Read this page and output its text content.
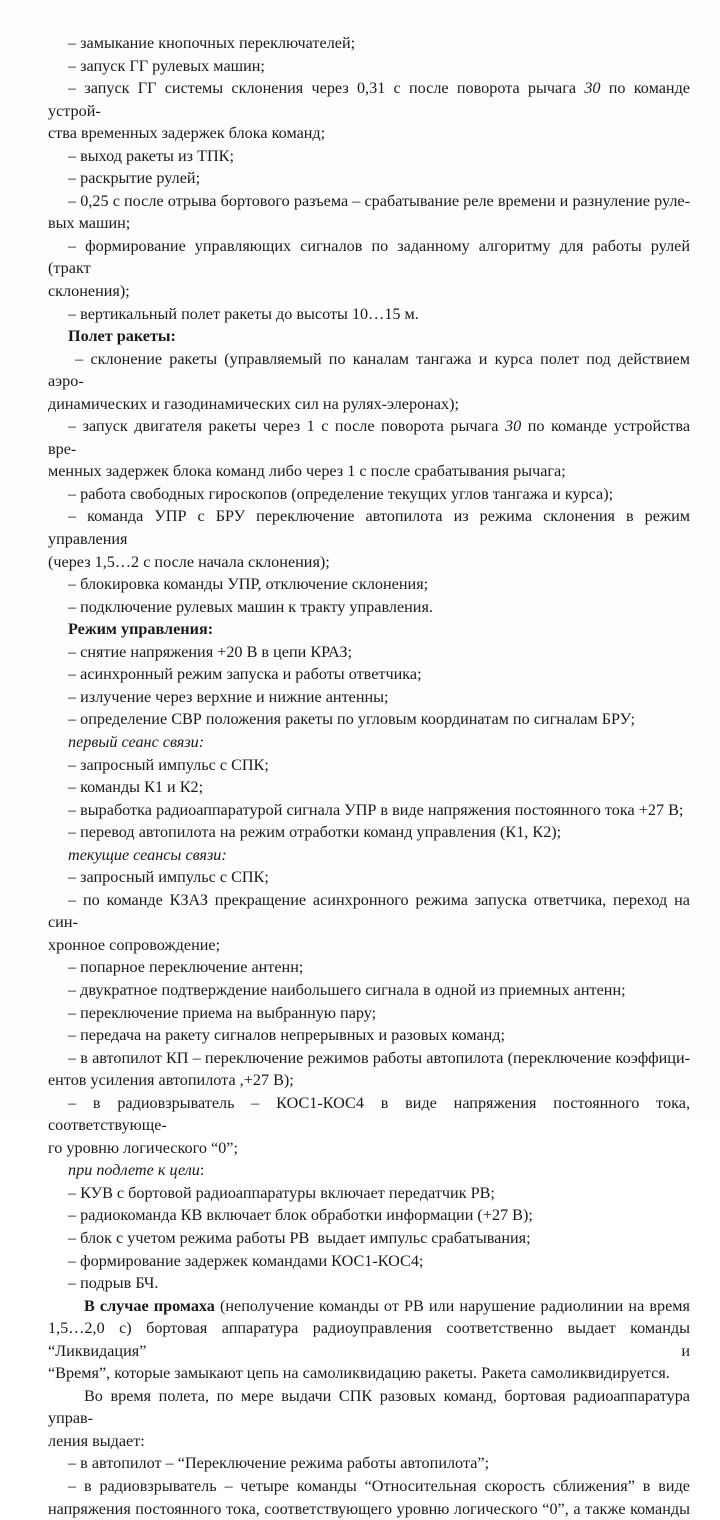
– замыкание кнопочных переключателей;
– запуск ГГ рулевых машин;
– запуск ГГ системы склонения через 0,31 с после поворота рычага 30 по команде устрой-
ства временных задержек блока команд;
– выход ракеты из ТПК;
– раскрытие рулей;
– 0,25 с после отрыва бортового разъема – срабатывание реле времени и разнуление руле-
вых машин;
– формирование управляющих сигналов по заданному алгоритму для работы рулей (тракт
склонения);
– вертикальный полет ракеты до высоты 10…15 м.
Полет ракеты:
– склонение ракеты (управляемый по каналам тангажа и курса полет под действием аэро-
динамических и газодинамических сил на рулях-элеронах);
– запуск двигателя ракеты через 1 с после поворота рычага 30 по команде устройства вре-
менных задержек блока команд либо через 1 с после срабатывания рычага;
– работа свободных гироскопов (определение текущих углов тангажа и курса);
– команда УПР с БРУ переключение автопилота из режима склонения в режим управления
(через 1,5…2 с после начала склонения);
– блокировка команды УПР, отключение склонения;
– подключение рулевых машин к тракту управления.
Режим управления:
– снятие напряжения +20 В в цепи КРАЗ;
– асинхронный режим запуска и работы ответчика;
– излучение через верхние и нижние антенны;
– определение СВР положения ракеты по угловым координатам по сигналам БРУ;
первый сеанс связи:
– запросный импульс с СПК;
– команды К1 и К2;
– выработка радиоаппаратурой сигнала УПР в виде напряжения постоянного тока +27 В;
– перевод автопилота на режим отработки команд управления (К1, К2);
текущие сеансы связи:
– запросный импульс с СПК;
– по команде КЗАЗ прекращение асинхронного режима запуска ответчика, переход на син-
хронное сопровождение;
– попарное переключение антенн;
– двукратное подтверждение наибольшего сигнала в одной из приемных антенн;
– переключение приема на выбранную пару;
– передача на ракету сигналов непрерывных и разовых команд;
– в автопилот КП – переключение режимов работы автопилота (переключение коэффици-
ентов усиления автопилота ,+27 В);
– в радиовзрыватель – КОС1-КОС4 в виде напряжения постоянного тока, соответствующе-
го уровню логического “0”;
при подлете к цели:
– КУВ с бортовой радиоаппаратуры включает передатчик РВ;
– радиокоманда КВ включает блок обработки информации (+27 В);
– блок с учетом режима работы РВ  выдает импульс срабатывания;
– формирование задержек командами КОС1-КОС4;
– подрыв БЧ.
В случае промаха (неполучение команды от РВ или нарушение радиолинии на время
1,5…2,0 с) бортовая аппаратура радиоуправления соответственно выдает команды “Ликвидация” и
“Время”, которые замыкают цепь на самоликвидацию ракеты. Ракета самоликвидируется.
Во время полета, по мере выдачи СПК разовых команд, бортовая радиоаппаратура управ-
ления выдает:
– в автопилот – “Переключение режима работы автопилота”;
– в радиовзрыватель – четыре команды “Относительная скорость сближения” в виде
напряжения постоянного тока, соответствующего уровню логического “0”, а также команды
